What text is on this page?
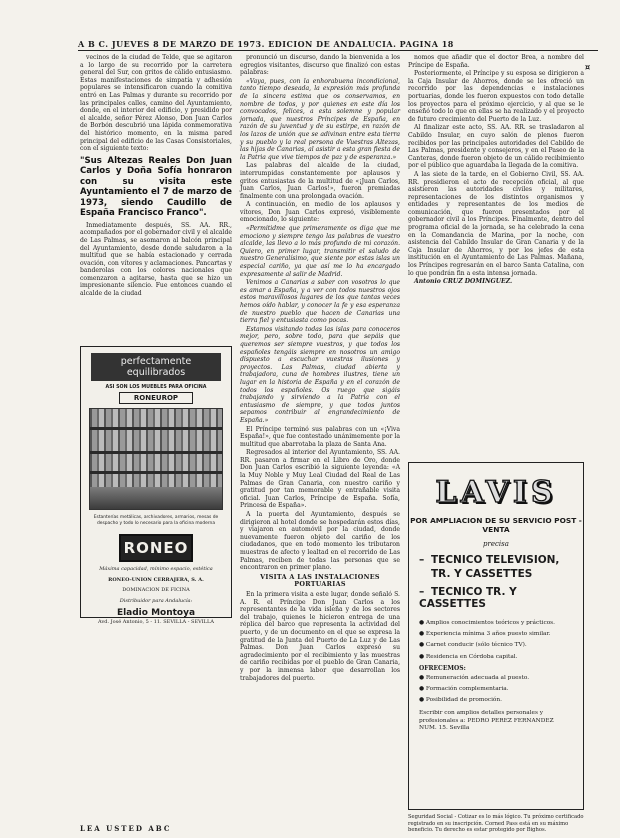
A B C. JUEVES 8 DE MARZO DE 1973. EDICION DE ANDALUCIA. PAGINA 18
¤

vecinos de la ciudad de Telde, que se agitaron a lo largo de su recorrido por la carretera general del Sur, con gritos de cálido entusiasmo. Estas manifestaciones de simpatía y adhesión populares se intensificaron cuando la comitiva entró en Las Palmas y durante su recorrido por las principales calles, camino del Ayuntamiento, donde, en el interior del edificio, y presidido por el alcalde, señor Pérez Alonso, Don Juan Carlos de Borbón descubrió una lápida conmemorativa del histórico momento, en la misma pared principal del edificio de las Casas Consistoriales, con el siguiente texto:

"Sus Altezas Reales Don Juan Carlos y Doña Sofía honraron con su visita este Ayuntamiento el 7 de marzo de 1973, siendo Caudillo de España Francisco Franco".

Inmediatamente después, SS. AA. RR., acompañados por el gobernador civil y el alcalde de Las Palmas, se asomaron al balcón principal del Ayuntamiento, desde donde saludaron a la multitud que se había estacionado y cerrada ovación, con vítores y aclamaciones. Pancartas y banderolas con los colores nacionales que comenzaron a agitarse, hasta que se hizo un impresionante silencio. Fue entonces cuando el alcalde de la ciudad

perfectamente equilibrados
ASI SON LOS MUEBLES PARA OFICINA
RONEUROP
Estanterías metálicas, archivadores, armarios, mesas de despacho y todo lo necesario para la oficina moderna
RONEO
Máxima capacidad, mínimo espacio, estética
RONEO-UNION CERRAJERA, S. A.
DOMINACION DE FICINA
Distribuidor para Andalucía:
Eladio Montoya
Avd. José Antonio, 5 - 11. SEVILLA - SEVILLA
LEA USTED ABC

pronunció un discurso, dando la bienvenida a los egregios visitantes, discurso que finalizó con estas palabras:

«Vaya, pues, con la enhorabuena incondicional, tanto tiempo deseada, la expresión más profunda de la sincera estima que os conservamos, en nombre de todos, y por quienes en este día los convocados, felices, a esta solemne y popular jornada, que nuestros Príncipes de España, en razón de su juventud y de su estirpe, en razón de los lazos de unión que se adivinan entre esta tierra y su pueblo y la real persona de Vuestras Altezas, las hijas de Canarias, al asistir a esta gran fiesta de la Patria que vive tiempos de paz y de esperanza.»

Las palabras del alcalde de la ciudad, interrumpidas constantemente por aplausos y gritos entusiastas de la multitud de «¡Juan Carlos, Juan Carlos, Juan Carlos!», fueron premiadas finalmente con una prolongada ovación.

A continuación, en medio de los aplausos y vítores, Don Juan Carlos expresó, visiblemente emocionado, lo siguiente:

«Permitidme que primeramente os diga que me emociono y siempre tengo las palabras de vuestro alcalde, las llevo a lo más profundo de mi corazón. Quiero, en primer lugar, transmitir el saludo de nuestro Generalísimo, que siente por estas islas un especial cariño, ya que así me lo ha encargado expresamente al salir de Madrid.

Venimos a Canarias a saber con vosotros lo que es amar a España, y a ver con todos nuestros ojos estos maravillosos lugares de los que tantas veces hemos oído hablar, y conocer la fe y esa esperanza de nuestro pueblo que hacen de Canarias una tierra fiel y entusiasta como pocas.

Estamos visitando todas las islas para conoceros mejor, pero, sobre todo, para que sepáis que queremos ser siempre vuestros, y que todos los españoles tengáis siempre en nosotros un amigo dispuesto a escuchar vuestras ilusiones y proyectos. Las Palmas, ciudad abierta y trabajadora, cuna de hombres ilustres, tiene un lugar en la historia de España y en el corazón de todos los españoles. Os ruego que sigáis trabajando y sirviendo a la Patria con el entusiasmo de siempre, y que todos juntos sepamos contribuir al engrandecimiento de España.»

El Príncipe terminó sus palabras con un «¡Viva España!», que fue contestado unánimemente por la multitud que abarrotaba la plaza de Santa Ana.

Regresados al interior del Ayuntamiento, SS. AA. RR. pasaron a firmar en el Libro de Oro, donde Don Juan Carlos escribió la siguiente leyenda: «A la Muy Noble y Muy Leal Ciudad del Real de Las Palmas de Gran Canaria, con nuestro cariño y gratitud por tan memorable y entrañable visita oficial. Juan Carlos, Príncipe de España. Sofía, Princesa de España».

A la puerta del Ayuntamiento, después se dirigieron al hotel donde se hospedarán estos días, y viajaron en automóvil por la ciudad, donde nuevamente fueron objeto del cariño de los ciudadanos, que en todo momento les tributaron muestras de afecto y lealtad en el recorrido de Las Palmas, reciben de todas las personas que se encontraron en primer plano.

VISITA A LAS INSTALACIONES PORTUARIAS

En la primera visita a este lugar, donde señaló S. A. R. el Príncipe Don Juan Carlos a los representantes de la vida isleña y de los sectores del trabajo, quienes le hicieron entrega de una réplica del barco que representa la actividad del puerto, y de un documento en el que se expresa la gratitud de la Junta del Puerto de La Luz y de Las Palmas. Don Juan Carlos expresó su agradecimiento por el recibimiento y las muestras de cariño recibidas por el pueblo de Gran Canaria, y por la inmensa labor que desarrollan los trabajadores del puerto.

nomos que añadir que el doctor Brea, a nombre del Príncipe de España.

Posteriormente, el Príncipe y su esposa se dirigieron a la Caja Insular de Ahorros, donde se les ofreció un recorrido por las dependencias e instalaciones portuarias, donde les fueron expuestos con todo detalle los proyectos para el próximo ejercicio, y al que se le enseñó todo lo que en ellas se ha realizado y el proyecto de futuro crecimiento del Puerto de la Luz.

Al finalizar este acto, SS. AA. RR. se trasladaron al Cabildo Insular, en cuyo salón de plenos fueron recibidos por las principales autoridades del Cabildo de Las Palmas, presidente y consejeros, y en el Paseo de la Canteras, donde fueron objeto de un cálido recibimiento por el público que aguardaba la llegada de la comitiva.

A las siete de la tarde, en el Gobierno Civil, SS. AA. RR. presidieron el acto de recepción oficial, al que asistieron las autoridades civiles y militares, representaciones de los distintos organismos y entidades y representantes de los medios de comunicación, que fueron presentados por el gobernador civil a los Príncipes. Finalmente, dentro del programa oficial de la jornada, se ha celebrado la cena en la Comandancia de Marina, por la noche, con asistencia del Cabildo Insular de Gran Canaria y de la Caja Insular de Ahorros, y por los jefes de esta institución en el Ayuntamiento de Las Palmas. Mañana, los Príncipes regresarán en el barco Santa Catalina, con lo que pondrán fin a esta intensa jornada.

Antonio CRUZ DOMINGUEZ.

LAVIS
POR AMPLIACION DE SU SERVICIO POST - VENTA
precisa
– TECNICO TELEVISION,
TR. Y CASSETTES
– TECNICO TR. Y CASSETTES
● Amplios conocimientos teóricos y prácticos.
● Experiencia mínima 3 años puesto similar.
● Carnet conducir (sólo técnico TV).
● Residencia en Córdoba capital.
OFRECEMOS:
● Remuneración adecuada al puesto.
● Formación complementaria.
● Posibilidad de promoción.
Escribir con amplios detalles personales y profesionales a: PEDRO PEREZ FERNANDEZ NUM. 15. Sevilla
Seguridad Social - Cotizar es lo más lógico. Tu próximo certificado registrado en su inscripción. Corned Pass está en su máximo beneficio. Tu derecho es estar protegido por Bighos.
